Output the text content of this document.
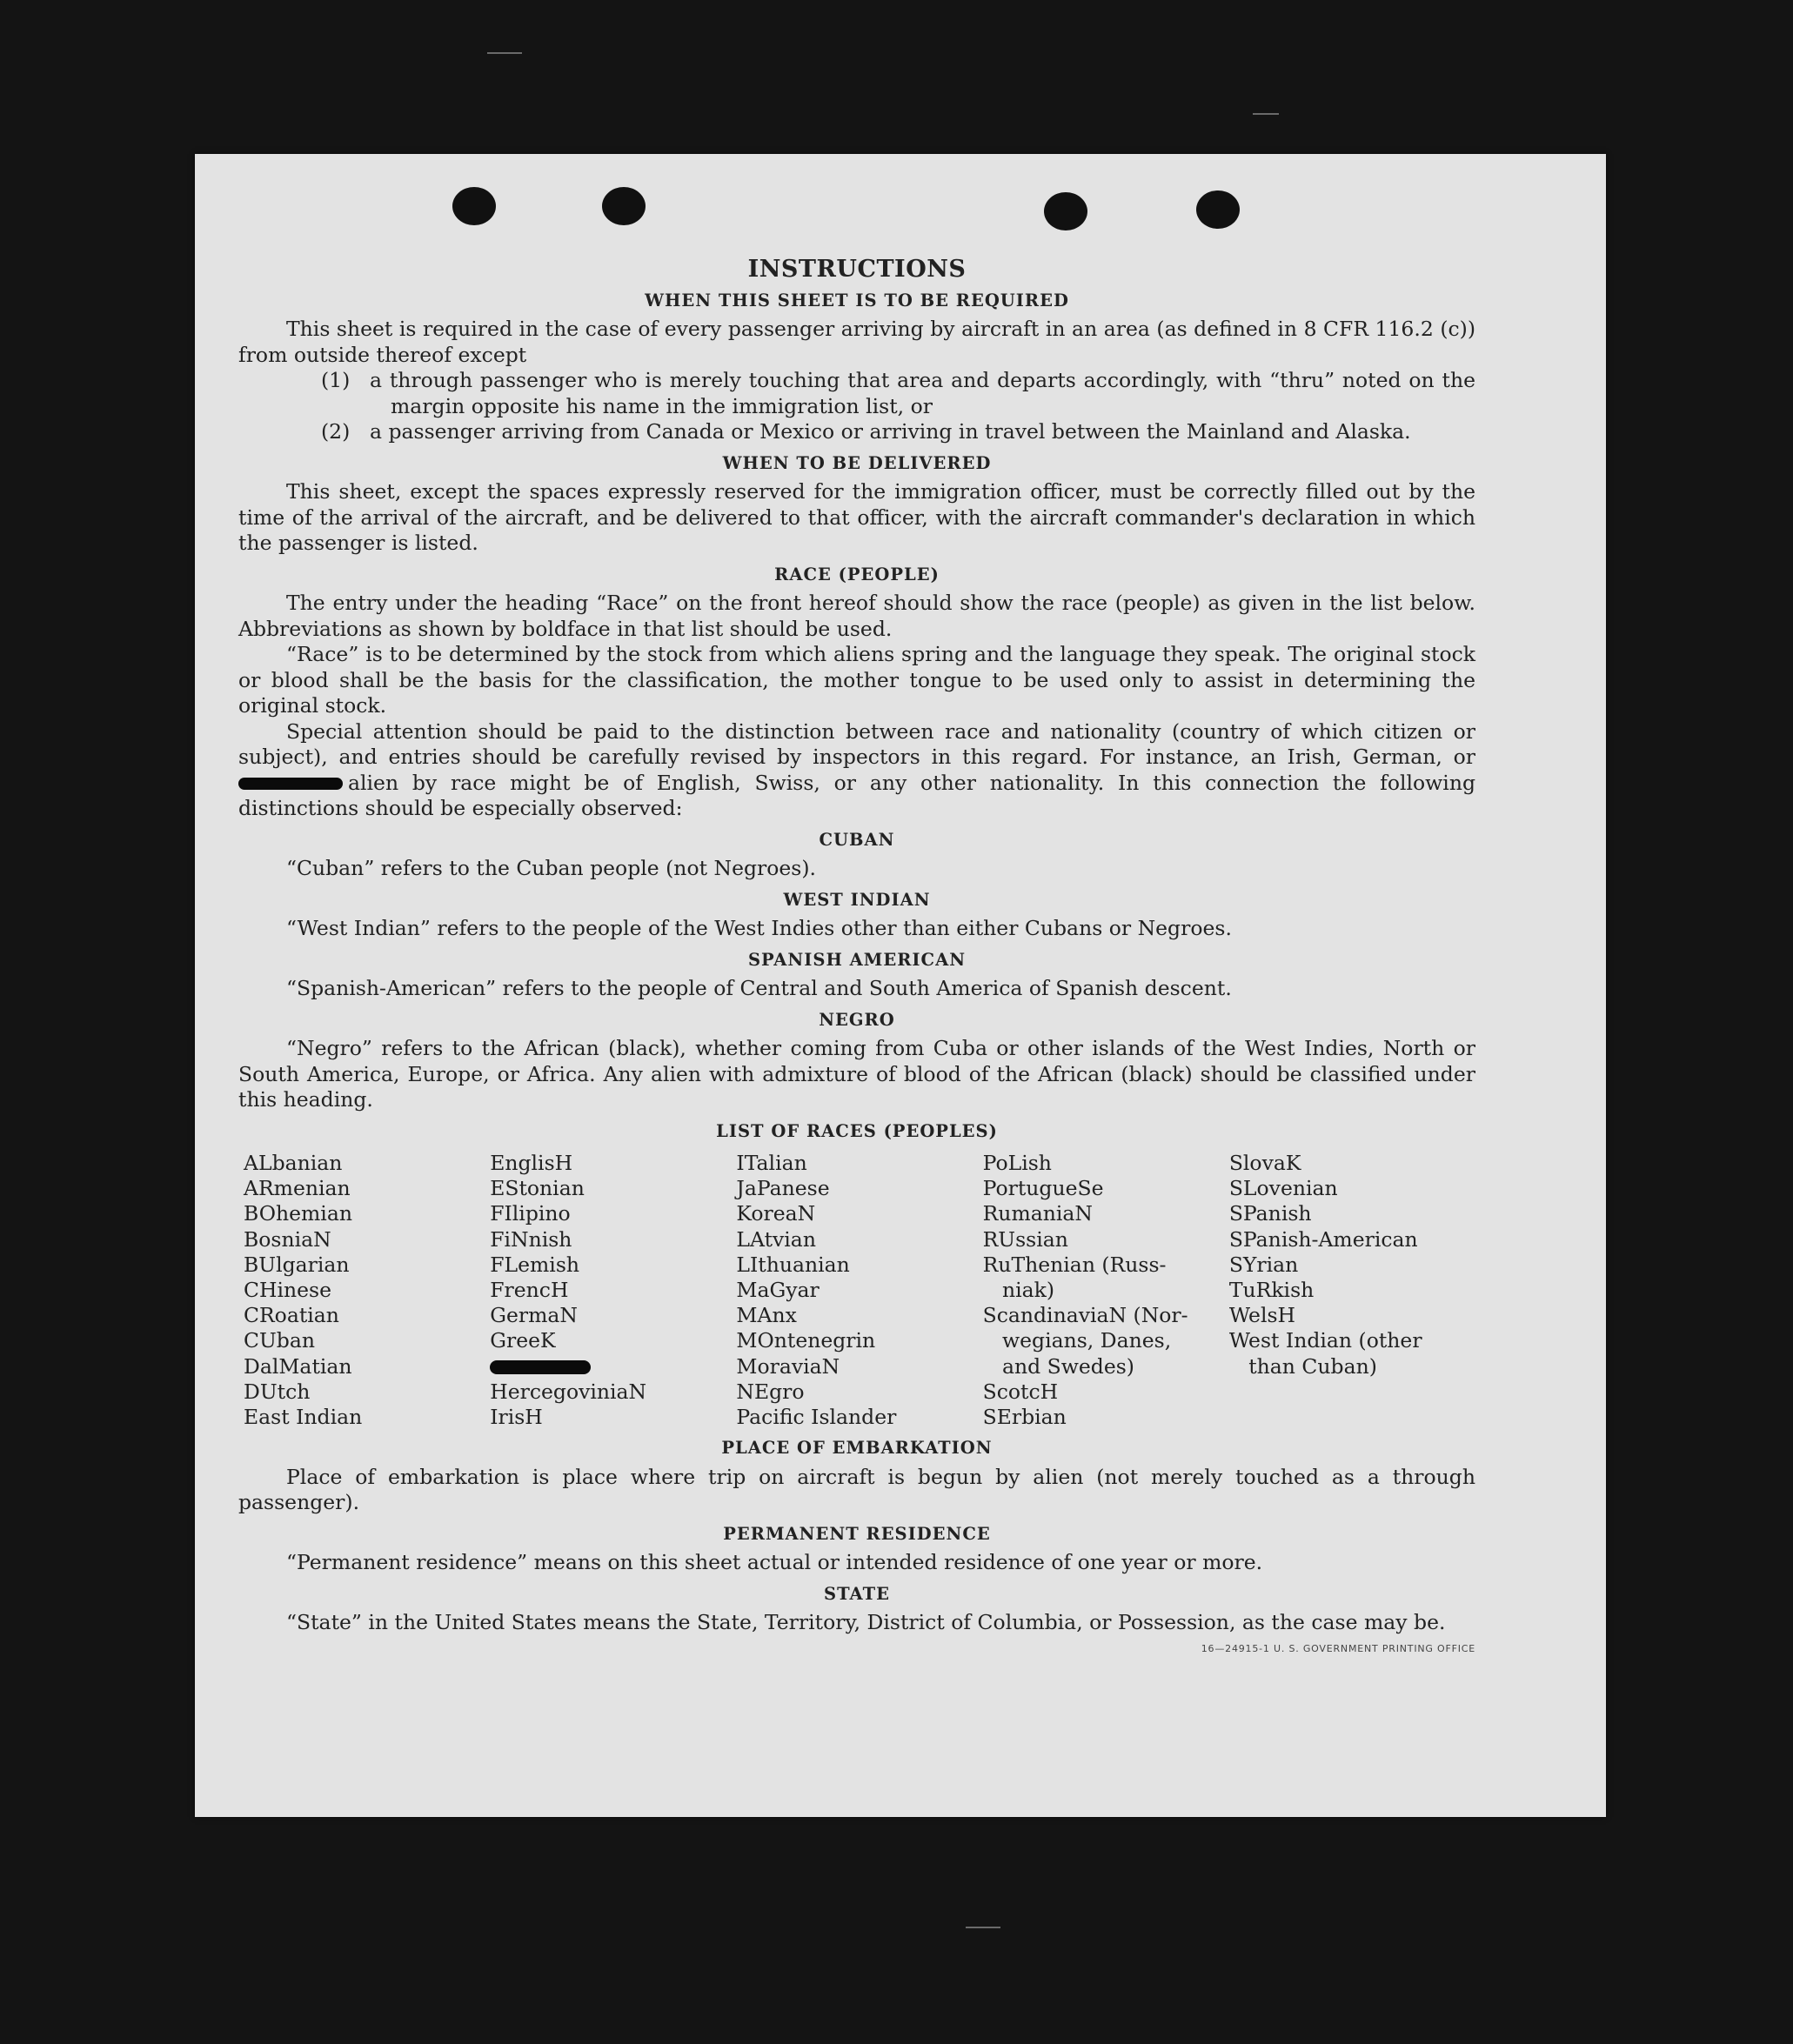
INSTRUCTIONS
WHEN THIS SHEET IS TO BE REQUIRED

This sheet is required in the case of every passenger arriving by aircraft in an area (as defined in 8 CFR 116.2 (c)) from outside thereof except

(1) a through passenger who is merely touching that area and departs accordingly, with “thru” noted on the margin opposite his name in the immigration list, or

(2) a passenger arriving from Canada or Mexico or arriving in travel between the Mainland and Alaska.

WHEN TO BE DELIVERED

This sheet, except the spaces expressly reserved for the immigration officer, must be correctly filled out by the time of the arrival of the aircraft, and be delivered to that officer, with the aircraft commander's declaration in which the passenger is listed.

RACE (PEOPLE)

The entry under the heading “Race” on the front hereof should show the race (people) as given in the list below. Abbreviations as shown by boldface in that list should be used.

“Race” is to be determined by the stock from which aliens spring and the language they speak. The original stock or blood shall be the basis for the classification, the mother tongue to be used only to assist in determining the original stock.

Special attention should be paid to the distinction between race and nationality (country of which citizen or subject), and entries should be carefully revised by inspectors in this regard. For instance, an Irish, German, or alien by race might be of English, Swiss, or any other nationality. In this connection the following distinctions should be especially observed:

CUBAN

“Cuban” refers to the Cuban people (not Negroes).

WEST INDIAN

“West Indian” refers to the people of the West Indies other than either Cubans or Negroes.

SPANISH AMERICAN

“Spanish-American” refers to the people of Central and South America of Spanish descent.

NEGRO

“Negro” refers to the African (black), whether coming from Cuba or other islands of the West Indies, North or South America, Europe, or Africa. Any alien with admixture of blood of the African (black) should be classified under this heading.

LIST OF RACES (PEOPLES)
ALbanian
ARmenian
BOhemian
BosniaN
BUlgarian
CHinese
CRoatian
CUban
DalMatian
DUtch
East Indian
EnglisH
EStonian
FIlipino
FiNnish
FLemish
FrencH
GermaN
GreeK
HercegoviniaN
IrisH
ITalian
JaPanese
KoreaN
LAtvian
LIthuanian
MaGyar
MAnx
MOntenegrin
MoraviaN
NEgro
Pacific Islander
PoLish
PortugueSe
RumaniaN
RUssian
RuThenian (Russ-
niak)
ScandinaviaN (Nor-
wegians, Danes,
and Swedes)
ScotcH
SErbian
SlovaK
SLovenian
SPanish
SPanish-American
SYrian
TuRkish
WelsH
West Indian (other
than Cuban)

PLACE OF EMBARKATION

Place of embarkation is place where trip on aircraft is begun by alien (not merely touched as a through passenger).

PERMANENT RESIDENCE

“Permanent residence” means on this sheet actual or intended residence of one year or more.

STATE

“State” in the United States means the State, Territory, District of Columbia, or Possession, as the case may be.

16—24915-1 U. S. GOVERNMENT PRINTING OFFICE
